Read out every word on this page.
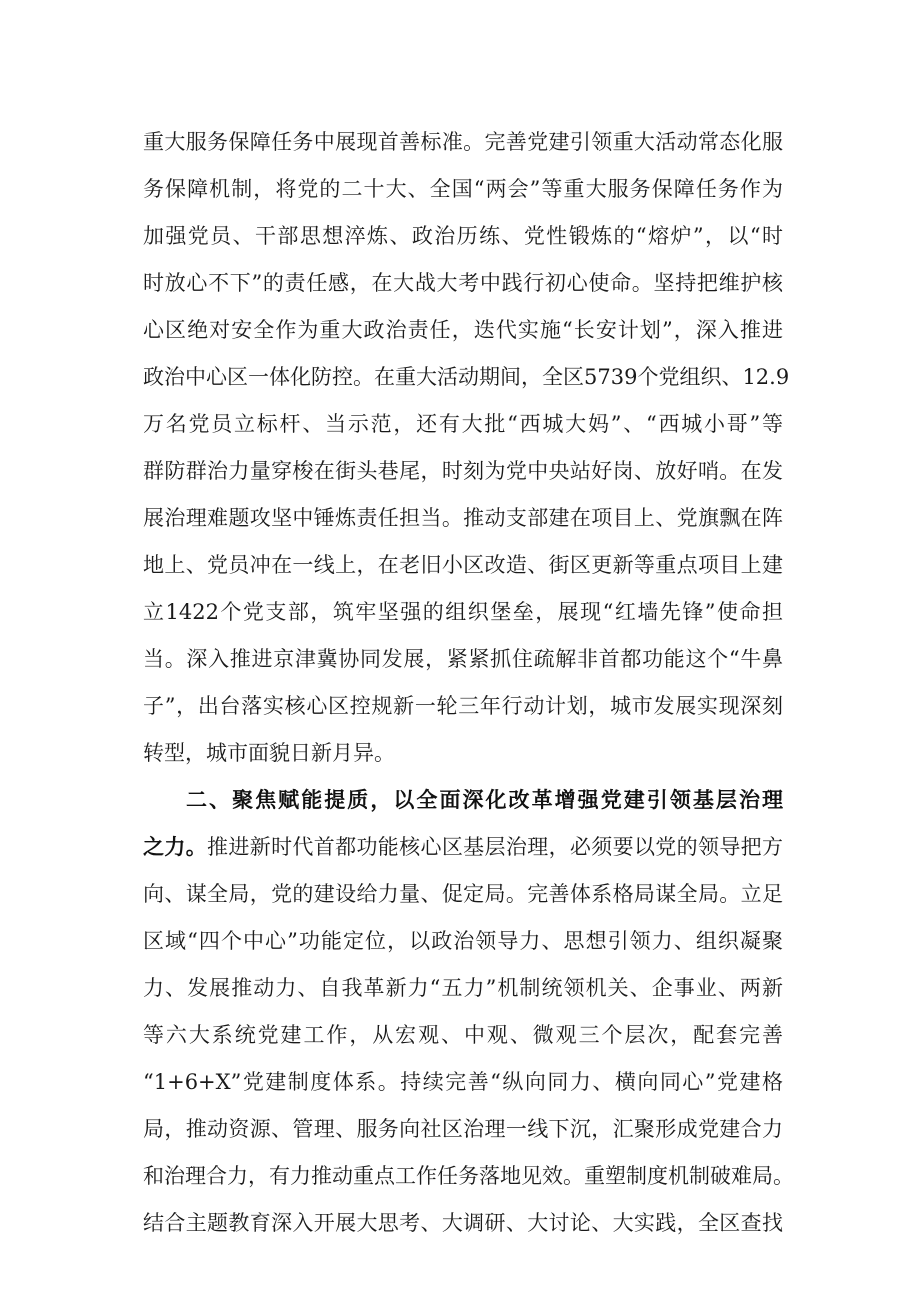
重大服务保障任务中展现首善标准。完善党建引领重大活动常态化服
务保障机制，将党的二十大、全国“两会”等重大服务保障任务作为
加强党员、干部思想淬炼、政治历练、党性锻炼的“熔炉”，以“时
时放心不下”的责任感，在大战大考中践行初心使命。坚持把维护核
心区绝对安全作为重大政治责任，迭代实施“长安计划”，深入推进
政治中心区一体化防控。在重大活动期间，全区5739个党组织、12.9
万名党员立标杆、当示范，还有大批“西城大妈”、“西城小哥”等
群防群治力量穿梭在街头巷尾，时刻为党中央站好岗、放好哨。在发
展治理难题攻坚中锤炼责任担当。推动支部建在项目上、党旗飘在阵
地上、党员冲在一线上，在老旧小区改造、街区更新等重点项目上建
立1422个党支部，筑牢坚强的组织堡垒，展现“红墙先锋”使命担
当。深入推进京津冀协同发展，紧紧抓住疏解非首都功能这个“牛鼻
子”，出台落实核心区控规新一轮三年行动计划，城市发展实现深刻
转型，城市面貌日新月异。
二、聚焦赋能提质，以全面深化改革增强党建引领基层治理
之力。推进新时代首都功能核心区基层治理，必须要以党的领导把方
向、谋全局，党的建设给力量、促定局。完善体系格局谋全局。立足
区域“四个中心”功能定位，以政治领导力、思想引领力、组织凝聚
力、发展推动力、自我革新力“五力”机制统领机关、企事业、两新
等六大系统党建工作，从宏观、中观、微观三个层次，配套完善
“1+6+X”党建制度体系。持续完善“纵向同力、横向同心”党建格
局，推动资源、管理、服务向社区治理一线下沉，汇聚形成党建合力
和治理合力，有力推动重点工作任务落地见效。重塑制度机制破难局。
结合主题教育深入开展大思考、大调研、大讨论、大实践，全区查找
